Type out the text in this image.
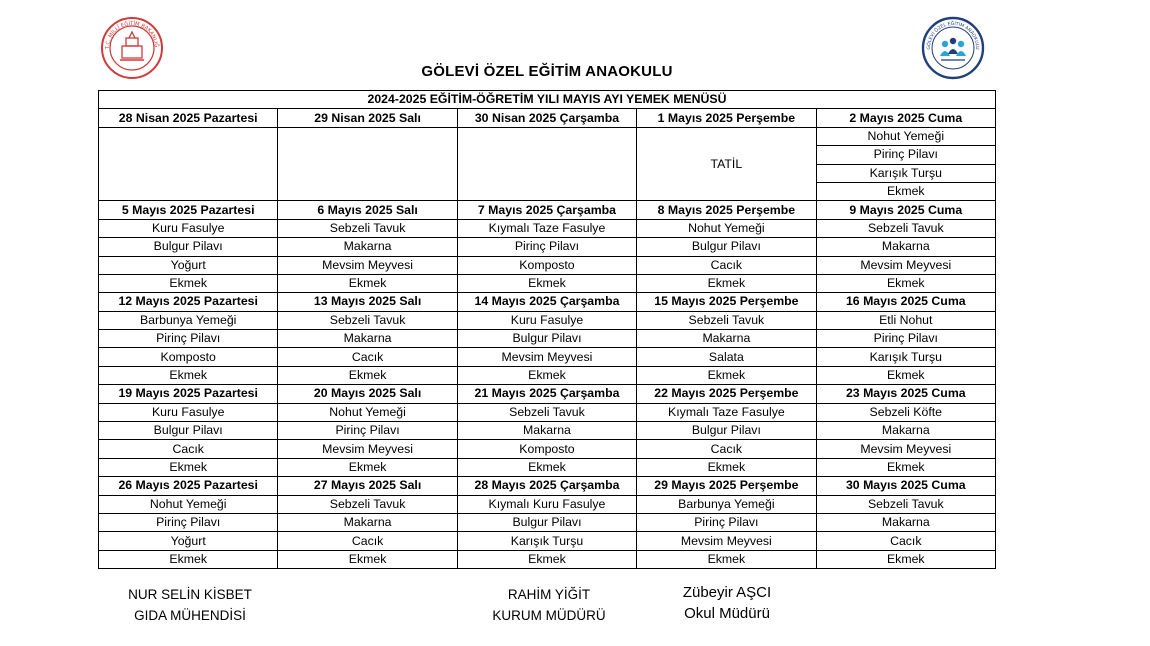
T.C. MİLLÎ EĞİTİM BAKANLIĞ
GÖLEVİ ÖZEL EĞİTİM ANAOKULU
GÖLEVİ ÖZEL EĞİTİM ANAOKULU
2024-2025 EĞİTİM-ÖĞRETİM YILI MAYIS AYI YEMEK MENÜSÜ				
28 Nisan 2025 Pazartesi	29 Nisan 2025 Salı	30 Nisan 2025 Çarşamba	1 Mayıs 2025 Perşembe	2 Mayıs 2025 Cuma
			TATİL	Nohut Yemeği
				Pirinç Pilavı
				Karışık Turşu
				Ekmek
5 Mayıs 2025 Pazartesi	6 Mayıs 2025 Salı	7 Mayıs 2025 Çarşamba	8 Mayıs 2025 Perşembe	9 Mayıs 2025 Cuma
Kuru Fasulye	Sebzeli Tavuk	Kıymalı Taze Fasulye	Nohut Yemeği	Sebzeli Tavuk
Bulgur Pilavı	Makarna	Pirinç Pilavı	Bulgur Pilavı	Makarna
Yoğurt	Mevsim Meyvesi	Komposto	Cacık	Mevsim Meyvesi
Ekmek	Ekmek	Ekmek	Ekmek	Ekmek
12 Mayıs 2025 Pazartesi	13 Mayıs 2025 Salı	14 Mayıs 2025 Çarşamba	15 Mayıs 2025 Perşembe	16 Mayıs 2025 Cuma
Barbunya Yemeği	Sebzeli Tavuk	Kuru Fasulye	Sebzeli Tavuk	Etli Nohut
Pirinç Pilavı	Makarna	Bulgur Pilavı	Makarna	Pirinç Pilavı
Komposto	Cacık	Mevsim Meyvesi	Salata	Karışık Turşu
Ekmek	Ekmek	Ekmek	Ekmek	Ekmek
19 Mayıs 2025 Pazartesi	20 Mayıs 2025 Salı	21 Mayıs 2025 Çarşamba	22 Mayıs 2025 Perşembe	23 Mayıs 2025 Cuma
Kuru Fasulye	Nohut Yemeği	Sebzeli Tavuk	Kıymalı Taze Fasulye	Sebzeli Köfte
Bulgur Pilavı	Pirinç Pilavı	Makarna	Bulgur Pilavı	Makarna
Cacık	Mevsim Meyvesi	Komposto	Cacık	Mevsim Meyvesi
Ekmek	Ekmek	Ekmek	Ekmek	Ekmek
26 Mayıs 2025 Pazartesi	27 Mayıs 2025 Salı	28 Mayıs 2025 Çarşamba	29 Mayıs 2025 Perşembe	30 Mayıs 2025 Cuma
Nohut Yemeği	Sebzeli Tavuk	Kıymalı Kuru Fasulye	Barbunya Yemeği	Sebzeli Tavuk
Pirinç Pilavı	Makarna	Bulgur Pilavı	Pirinç Pilavı	Makarna
Yoğurt	Cacık	Karışık Turşu	Mevsim Meyvesi	Cacık
Ekmek	Ekmek	Ekmek	Ekmek	Ekmek
NUR SELİN KİSBET
GIDA MÜHENDİSİ
RAHİM YİĞİT
KURUM MÜDÜRÜ
Zübeyir AŞCI
Okul Müdürü
